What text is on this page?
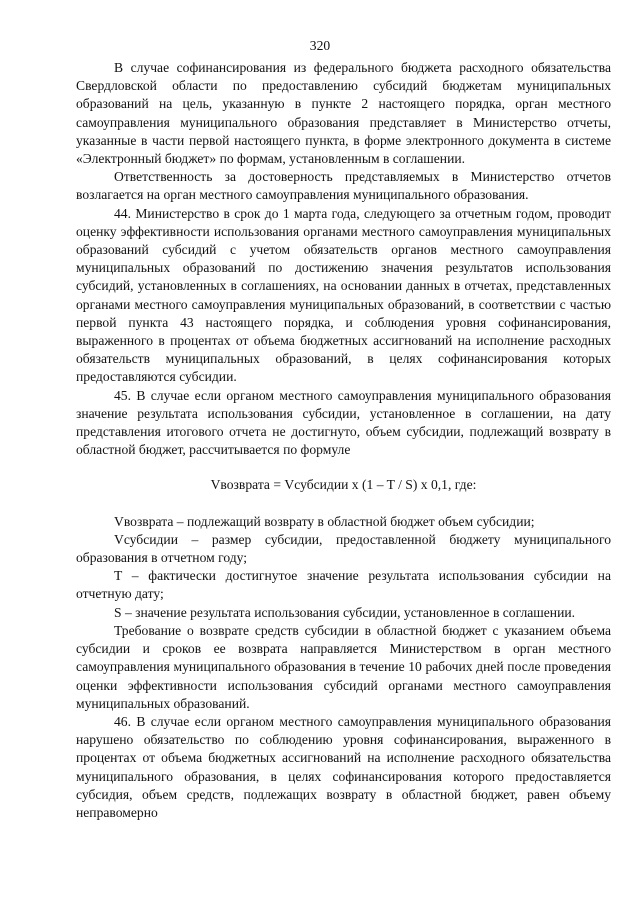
320

В случае софинансирования из федерального бюджета расходного обязательства Свердловской области по предоставлению субсидий бюджетам муниципальных образований на цель, указанную в пункте 2 настоящего порядка, орган местного самоуправления муниципального образования представляет в Министерство отчеты, указанные в части первой настоящего пункта, в форме электронного документа в системе «Электронный бюджет» по формам, установленным в соглашении.

Ответственность за достоверность представляемых в Министерство отчетов возлагается на орган местного самоуправления муниципального образования.

44. Министерство в срок до 1 марта года, следующего за отчетным годом, проводит оценку эффективности использования органами местного самоуправления муниципальных образований субсидий с учетом обязательств органов местного самоуправления муниципальных образований по достижению значения результатов использования субсидий, установленных в соглашениях, на основании данных в отчетах, представленных органами местного самоуправления муниципальных образований, в соответствии с частью первой пункта 43 настоящего порядка, и соблюдения уровня софинансирования, выраженного в процентах от объема бюджетных ассигнований на исполнение расходных обязательств муниципальных образований, в целях софинансирования которых предоставляются субсидии.

45. В случае если органом местного самоуправления муниципального образования значение результата использования субсидии, установленное в соглашении, на дату представления итогового отчета не достигнуто, объем субсидии, подлежащий возврату в областной бюджет, рассчитывается по формуле

Vвозврата = Vсубсидии x (1 – T / S) x 0,1, где:

Vвозврата – подлежащий возврату в областной бюджет объем субсидии;

Vсубсидии – размер субсидии, предоставленной бюджету муниципального образования в отчетном году;

T – фактически достигнутое значение результата использования субсидии на отчетную дату;

S – значение результата использования субсидии, установленное в соглашении.

Требование о возврате средств субсидии в областной бюджет с указанием объема субсидии и сроков ее возврата направляется Министерством в орган местного самоуправления муниципального образования в течение 10 рабочих дней после проведения оценки эффективности использования субсидий органами местного самоуправления муниципальных образований.

46. В случае если органом местного самоуправления муниципального образования нарушено обязательство по соблюдению уровня софинансирования, выраженного в процентах от объема бюджетных ассигнований на исполнение расходного обязательства муниципального образования, в целях софинансирования которого предоставляется субсидия, объем средств, подлежащих возврату в областной бюджет, равен объему неправомерно
